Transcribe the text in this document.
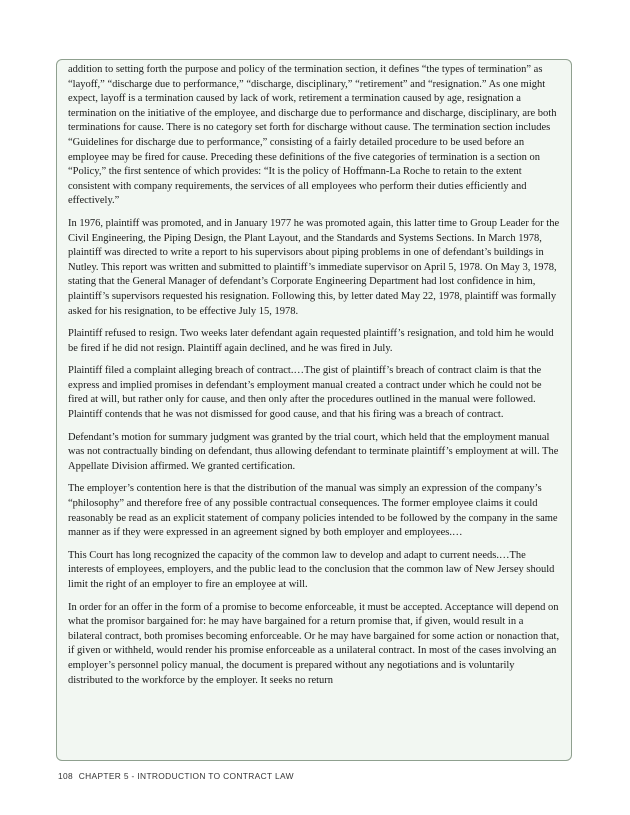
addition to setting forth the purpose and policy of the termination section, it defines “the types of termination” as “layoff,” “discharge due to performance,” “discharge, disciplinary,” “retirement” and “resignation.” As one might expect, layoff is a termination caused by lack of work, retirement a termination caused by age, resignation a termination on the initiative of the employee, and discharge due to performance and discharge, disciplinary, are both terminations for cause. There is no category set forth for discharge without cause. The termination section includes “Guidelines for discharge due to performance,” consisting of a fairly detailed procedure to be used before an employee may be fired for cause. Preceding these definitions of the five categories of termination is a section on “Policy,” the first sentence of which provides: “It is the policy of Hoffmann-La Roche to retain to the extent consistent with company requirements, the services of all employees who perform their duties efficiently and effectively.”

In 1976, plaintiff was promoted, and in January 1977 he was promoted again, this latter time to Group Leader for the Civil Engineering, the Piping Design, the Plant Layout, and the Standards and Systems Sections. In March 1978, plaintiff was directed to write a report to his supervisors about piping problems in one of defendant’s buildings in Nutley. This report was written and submitted to plaintiff’s immediate supervisor on April 5, 1978. On May 3, 1978, stating that the General Manager of defendant’s Corporate Engineering Department had lost confidence in him, plaintiff’s supervisors requested his resignation. Following this, by letter dated May 22, 1978, plaintiff was formally asked for his resignation, to be effective July 15, 1978.

Plaintiff refused to resign. Two weeks later defendant again requested plaintiff’s resignation, and told him he would be fired if he did not resign. Plaintiff again declined, and he was fired in July.

Plaintiff filed a complaint alleging breach of contract.…The gist of plaintiff’s breach of contract claim is that the express and implied promises in defendant’s employment manual created a contract under which he could not be fired at will, but rather only for cause, and then only after the procedures outlined in the manual were followed. Plaintiff contends that he was not dismissed for good cause, and that his firing was a breach of contract.

Defendant’s motion for summary judgment was granted by the trial court, which held that the employment manual was not contractually binding on defendant, thus allowing defendant to terminate plaintiff’s employment at will. The Appellate Division affirmed. We granted certification.

The employer’s contention here is that the distribution of the manual was simply an expression of the company’s “philosophy” and therefore free of any possible contractual consequences. The former employee claims it could reasonably be read as an explicit statement of company policies intended to be followed by the company in the same manner as if they were expressed in an agreement signed by both employer and employees.…

This Court has long recognized the capacity of the common law to develop and adapt to current needs.…The interests of employees, employers, and the public lead to the conclusion that the common law of New Jersey should limit the right of an employer to fire an employee at will.

In order for an offer in the form of a promise to become enforceable, it must be accepted. Acceptance will depend on what the promisor bargained for: he may have bargained for a return promise that, if given, would result in a bilateral contract, both promises becoming enforceable. Or he may have bargained for some action or nonaction that, if given or withheld, would render his promise enforceable as a unilateral contract. In most of the cases involving an employer’s personnel policy manual, the document is prepared without any negotiations and is voluntarily distributed to the workforce by the employer. It seeks no return

108 CHAPTER 5 - INTRODUCTION TO CONTRACT LAW
